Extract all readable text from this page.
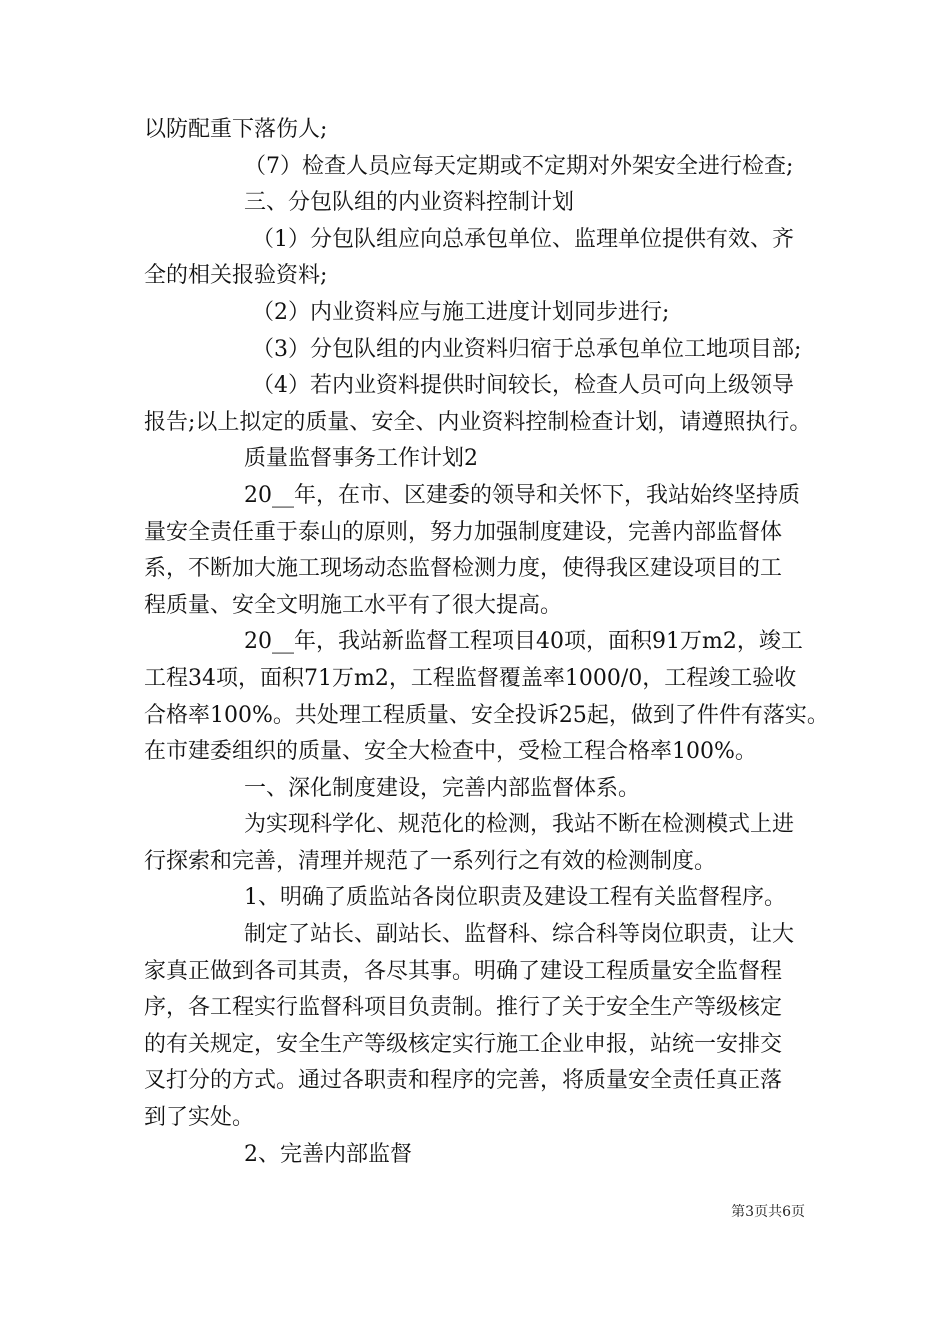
以防配重下落伤人;

（7）检查人员应每天定期或不定期对外架安全进行检查;

三、分包队组的内业资料控制计划

（1）分包队组应向总承包单位、监理单位提供有效、齐

全的相关报验资料;

（2）内业资料应与施工进度计划同步进行;

（3）分包队组的内业资料归宿于总承包单位工地项目部;

（4）若内业资料提供时间较长，检查人员可向上级领导

报告;以上拟定的质量、安全、内业资料控制检查计划，请遵照执行。

质量监督事务工作计划2

20__年，在市、区建委的领导和关怀下，我站始终坚持质

量安全责任重于泰山的原则，努力加强制度建设，完善内部监督体

系，不断加大施工现场动态监督检测力度，使得我区建设项目的工

程质量、安全文明施工水平有了很大提高。

20__年，我站新监督工程项目40项，面积91万m2，竣工

工程34项，面积71万m2，工程监督覆盖率1000/0，工程竣工验收

合格率100%。共处理工程质量、安全投诉25起，做到了件件有落实。

在市建委组织的质量、安全大检查中，受检工程合格率100%。

一、深化制度建设，完善内部监督体系。

为实现科学化、规范化的检测，我站不断在检测模式上进

行探索和完善，清理并规范了一系列行之有效的检测制度。

1、明确了质监站各岗位职责及建设工程有关监督程序。

制定了站长、副站长、监督科、综合科等岗位职责，让大

家真正做到各司其责，各尽其事。明确了建设工程质量安全监督程

序，各工程实行监督科项目负责制。推行了关于安全生产等级核定

的有关规定，安全生产等级核定实行施工企业申报，站统一安排交

叉打分的方式。通过各职责和程序的完善，将质量安全责任真正落

到了实处。

2、完善内部监督

第3页共6页
